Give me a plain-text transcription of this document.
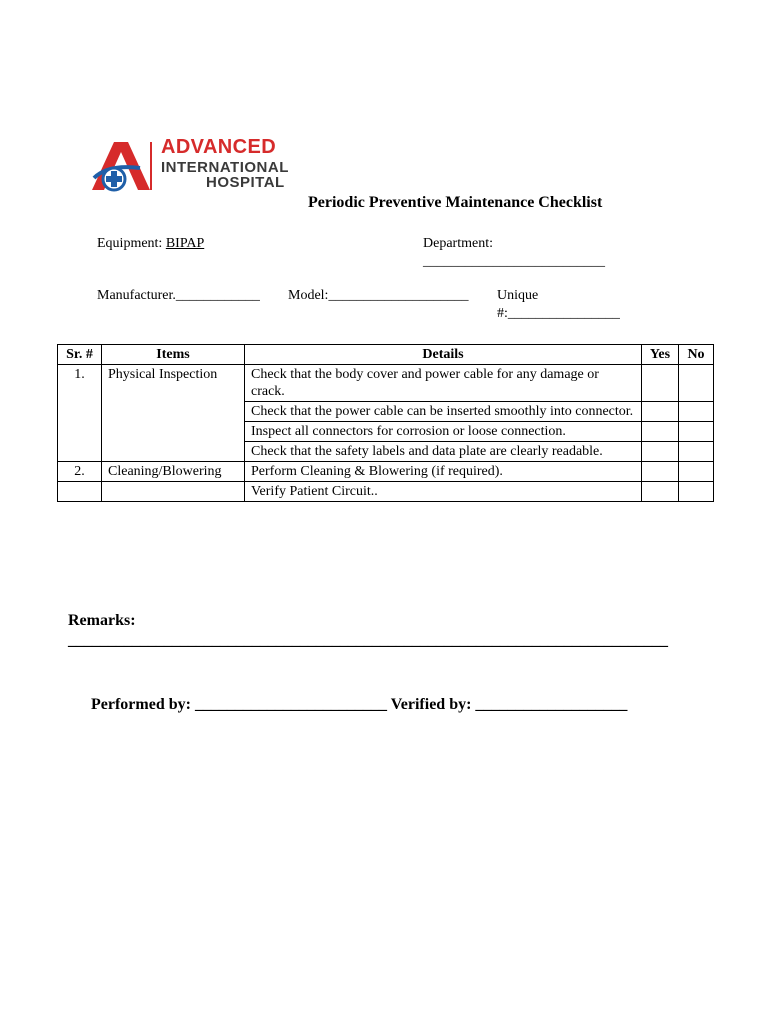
ADVANCED
INTERNATIONAL
HOSPITAL
Periodic Preventive Maintenance Checklist
Equipment: BIPAP	Department:
__________________________
Manufacturer.____________ Model:____________________ Unique
#:________________
Sr. #	Items	Details	Yes	No
1.	Physical Inspection	Check that the body cover and power cable for any damage or crack.		
		Check that the power cable can be inserted smoothly into connector.		
		Inspect all connectors for corrosion or loose connection.		
		Check that the safety labels and data plate are clearly readable.		
2.	Cleaning/Blowering	Perform Cleaning & Blowering (if required).		
		Verify Patient Circuit..		
Remarks:
___________________________________________________________________________
Performed by: ________________________ Verified by: ___________________
